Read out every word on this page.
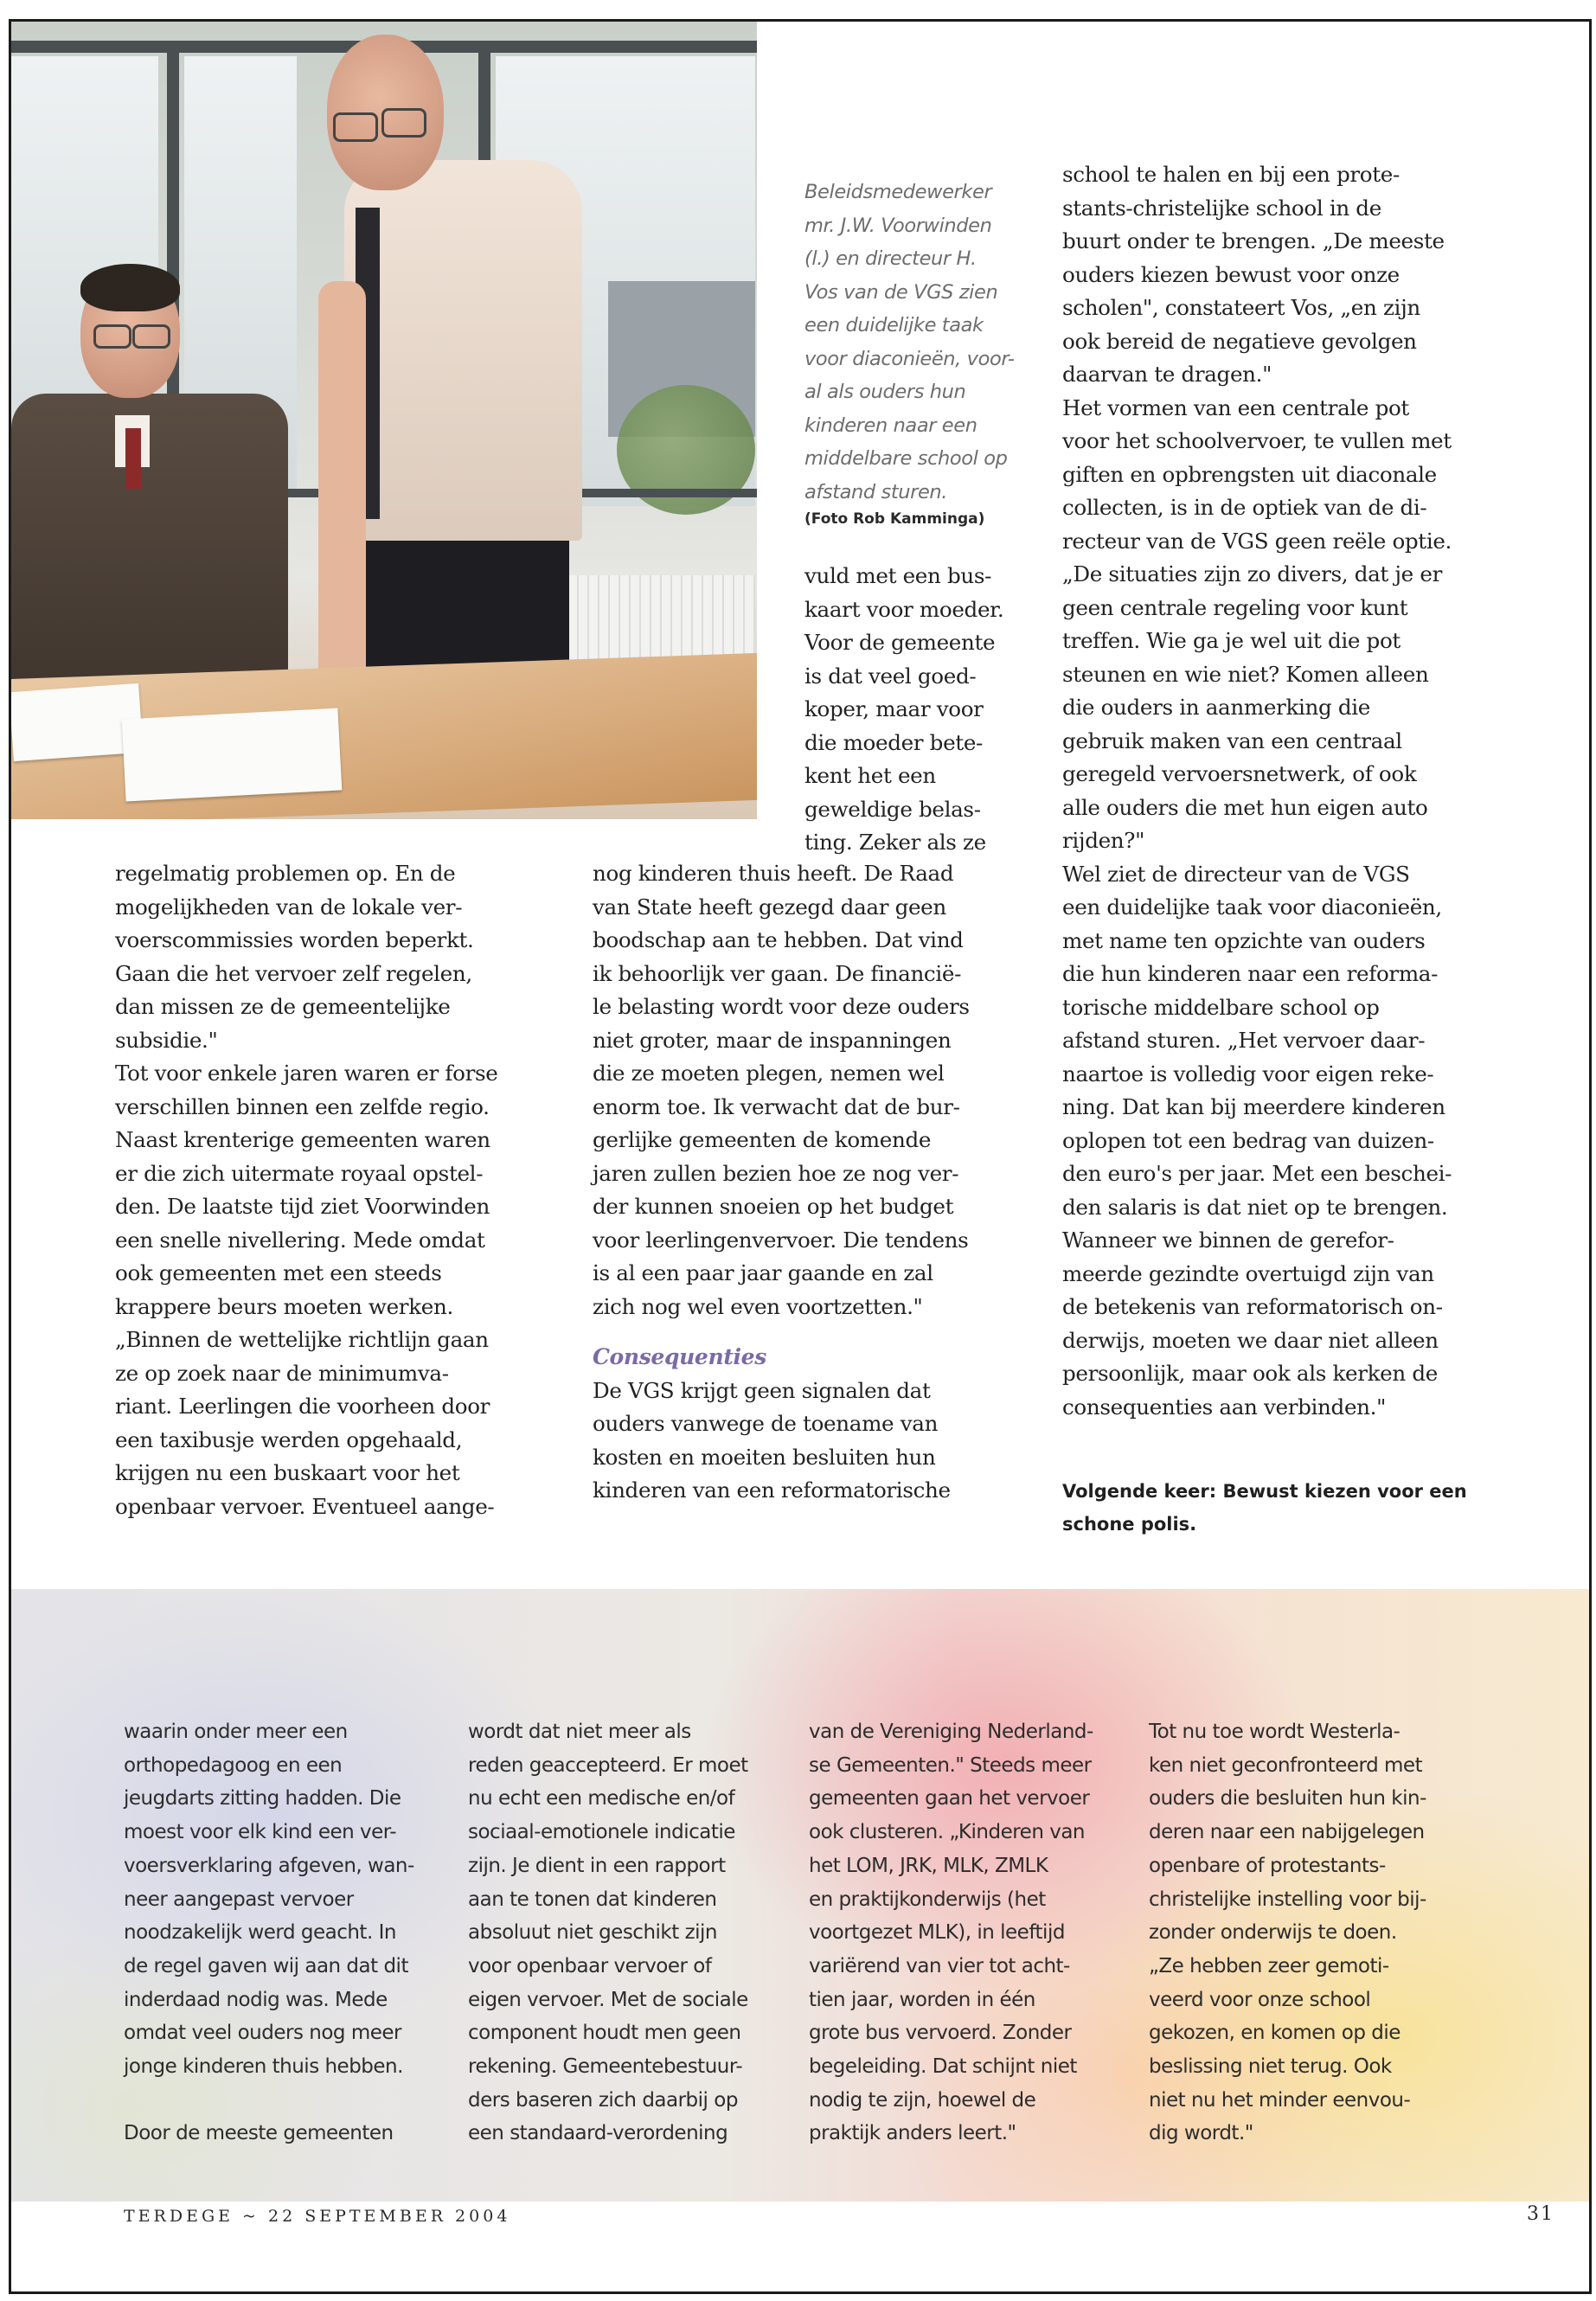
Beleidsmedewerker
mr. J.W. Voorwinden
(l.) en directeur H.
Vos van de VGS zien
een duidelijke taak
voor diaconieën, voor-
al als ouders hun
kinderen naar een
middelbare school op
afstand sturen.
(Foto Rob Kamminga)
vuld met een bus-
kaart voor moeder.
Voor de gemeente
is dat veel goed-
koper, maar voor
die moeder bete-
kent het een
geweldige belas-
ting. Zeker als ze
regelmatig problemen op. En de
mogelijkheden van de lokale ver-
voerscommissies worden beperkt.
Gaan die het vervoer zelf regelen,
dan missen ze de gemeentelijke
subsidie."
Tot voor enkele jaren waren er forse
verschillen binnen een zelfde regio.
Naast krenterige gemeenten waren
er die zich uitermate royaal opstel-
den. De laatste tijd ziet Voorwinden
een snelle nivellering. Mede omdat
ook gemeenten met een steeds
krappere beurs moeten werken.
„Binnen de wettelijke richtlijn gaan
ze op zoek naar de minimumva-
riant. Leerlingen die voorheen door
een taxibusje werden opgehaald,
krijgen nu een buskaart voor het
openbaar vervoer. Eventueel aange-
nog kinderen thuis heeft. De Raad
van State heeft gezegd daar geen
boodschap aan te hebben. Dat vind
ik behoorlijk ver gaan. De financië-
le belasting wordt voor deze ouders
niet groter, maar de inspanningen
die ze moeten plegen, nemen wel
enorm toe. Ik verwacht dat de bur-
gerlijke gemeenten de komende
jaren zullen bezien hoe ze nog ver-
der kunnen snoeien op het budget
voor leerlingenvervoer. Die tendens
is al een paar jaar gaande en zal
zich nog wel even voortzetten."
Consequenties
De VGS krijgt geen signalen dat
ouders vanwege de toename van
kosten en moeiten besluiten hun
kinderen van een reformatorische
school te halen en bij een prote-
stants-christelijke school in de
buurt onder te brengen. „De meeste
ouders kiezen bewust voor onze
scholen", constateert Vos, „en zijn
ook bereid de negatieve gevolgen
daarvan te dragen."
Het vormen van een centrale pot
voor het schoolvervoer, te vullen met
giften en opbrengsten uit diaconale
collecten, is in de optiek van de di-
recteur van de VGS geen reële optie.
„De situaties zijn zo divers, dat je er
geen centrale regeling voor kunt
treffen. Wie ga je wel uit die pot
steunen en wie niet? Komen alleen
die ouders in aanmerking die
gebruik maken van een centraal
geregeld vervoersnetwerk, of ook
alle ouders die met hun eigen auto
rijden?"
Wel ziet de directeur van de VGS
een duidelijke taak voor diaconieën,
met name ten opzichte van ouders
die hun kinderen naar een reforma-
torische middelbare school op
afstand sturen. „Het vervoer daar-
naartoe is volledig voor eigen reke-
ning. Dat kan bij meerdere kinderen
oplopen tot een bedrag van duizen-
den euro's per jaar. Met een beschei-
den salaris is dat niet op te brengen.
Wanneer we binnen de gerefor-
meerde gezindte overtuigd zijn van
de betekenis van reformatorisch on-
derwijs, moeten we daar niet alleen
persoonlijk, maar ook als kerken de
consequenties aan verbinden."
Volgende keer: Bewust kiezen voor een
schone polis.
waarin onder meer een
orthopedagoog en een
jeugdarts zitting hadden. Die
moest voor elk kind een ver-
voersverklaring afgeven, wan-
neer aangepast vervoer
noodzakelijk werd geacht. In
de regel gaven wij aan dat dit
inderdaad nodig was. Mede
omdat veel ouders nog meer
jonge kinderen thuis hebben.
Door de meeste gemeenten
wordt dat niet meer als
reden geaccepteerd. Er moet
nu echt een medische en/of
sociaal-emotionele indicatie
zijn. Je dient in een rapport
aan te tonen dat kinderen
absoluut niet geschikt zijn
voor openbaar vervoer of
eigen vervoer. Met de sociale
component houdt men geen
rekening. Gemeentebestuur-
ders baseren zich daarbij op
een standaard-verordening
van de Vereniging Nederland-
se Gemeenten." Steeds meer
gemeenten gaan het vervoer
ook clusteren. „Kinderen van
het LOM, JRK, MLK, ZMLK
en praktijkonderwijs (het
voortgezet MLK), in leeftijd
variërend van vier tot acht-
tien jaar, worden in één
grote bus vervoerd. Zonder
begeleiding. Dat schijnt niet
nodig te zijn, hoewel de
praktijk anders leert."
Tot nu toe wordt Westerla-
ken niet geconfronteerd met
ouders die besluiten hun kin-
deren naar een nabijgelegen
openbare of protestants-
christelijke instelling voor bij-
zonder onderwijs te doen.
„Ze hebben zeer gemoti-
veerd voor onze school
gekozen, en komen op die
beslissing niet terug. Ook
niet nu het minder eenvou-
dig wordt."
TERDEGE ~ 22 SEPTEMBER 2004	31
